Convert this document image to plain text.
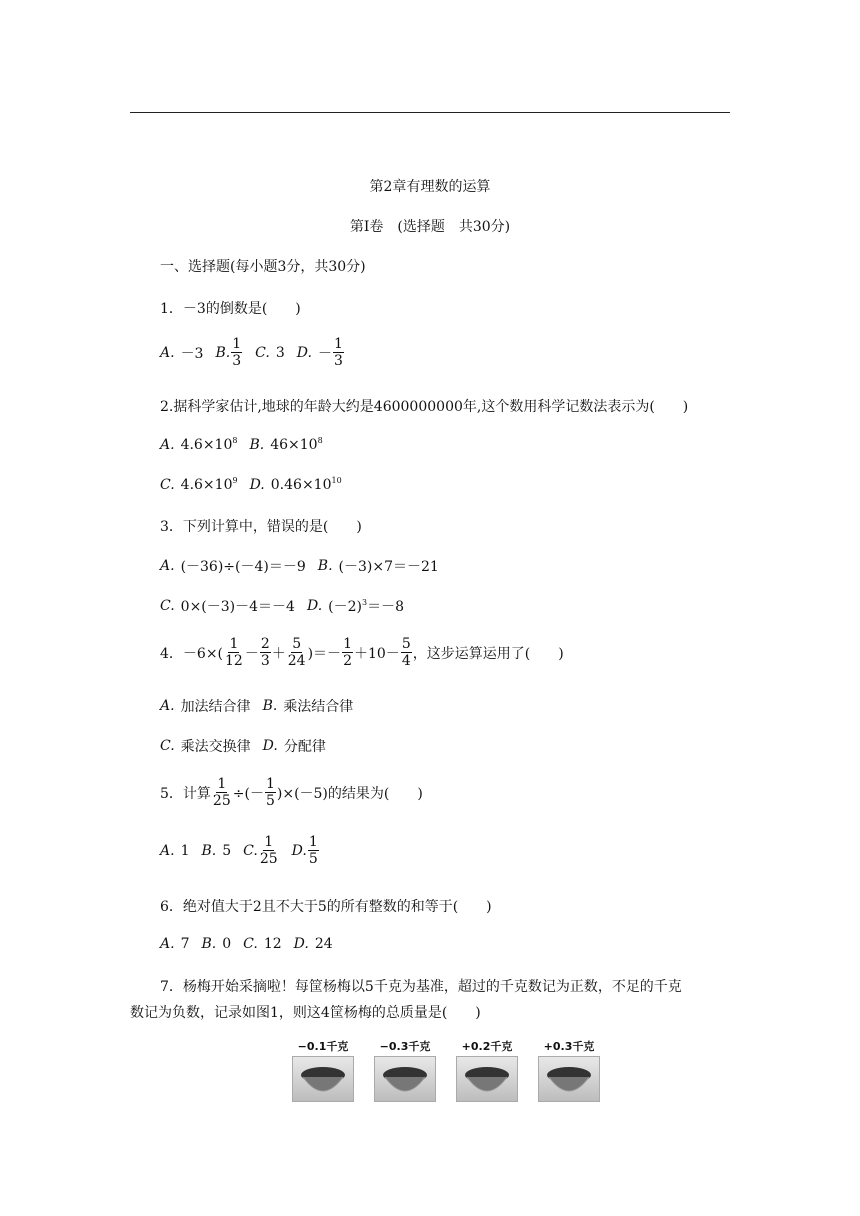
第2章有理数的运算
第Ⅰ卷　(选择题　共30分)
一、选择题(每小题3分，共30分)
1．－3的倒数是(　　)
A. －3 B. $\frac{1}{3} C$. 3 D. － $\frac{1}{3}$
2.据科学家估计,地球的年龄大约是4600000000年,这个数用科学记数法表示为(　　)
A. $4.6\times 10^8$ B. $46\times 10^8$
C. $4.6\times 10^9$ D. $0.46\times 10^{10}$
3．下列计算中，错误的是(　　)
A. (－36)÷(－4)＝－9 B. (－3)×7＝－21
C. 0×(－3)－4＝－4 D. $(-2)^3=-8$
4．$-6\times( \frac{1}{12} - \frac{2}{3} + \frac{5}{24}$ )＝－ $\frac{1}{2} +10- \frac{5}{4}$ ，这步运算运用了(　　)
A. 加法结合律 B. 乘法结合律
C. 乘法交换律 D. 分配律
5．计算 $\frac{1}{25}$ ÷(－ $\frac{1}{5} )\times(-5)$的结果为(　　)
A. 1 B. 5 C. $\frac{1}{25} D$. $\frac{1}{5}$
6．绝对值大于2且不大于5的所有整数的和等于(　　)
A. 7 B. 0 C. 12 D. 24
7．杨梅开始采摘啦！每筐杨梅以5千克为基准，超过的千克数记为正数，不足的千克
数记为负数，记录如图1，则这4筐杨梅的总质量是(　　)
−0.1千克	−0.3千克	+0.2千克	+0.3千克
